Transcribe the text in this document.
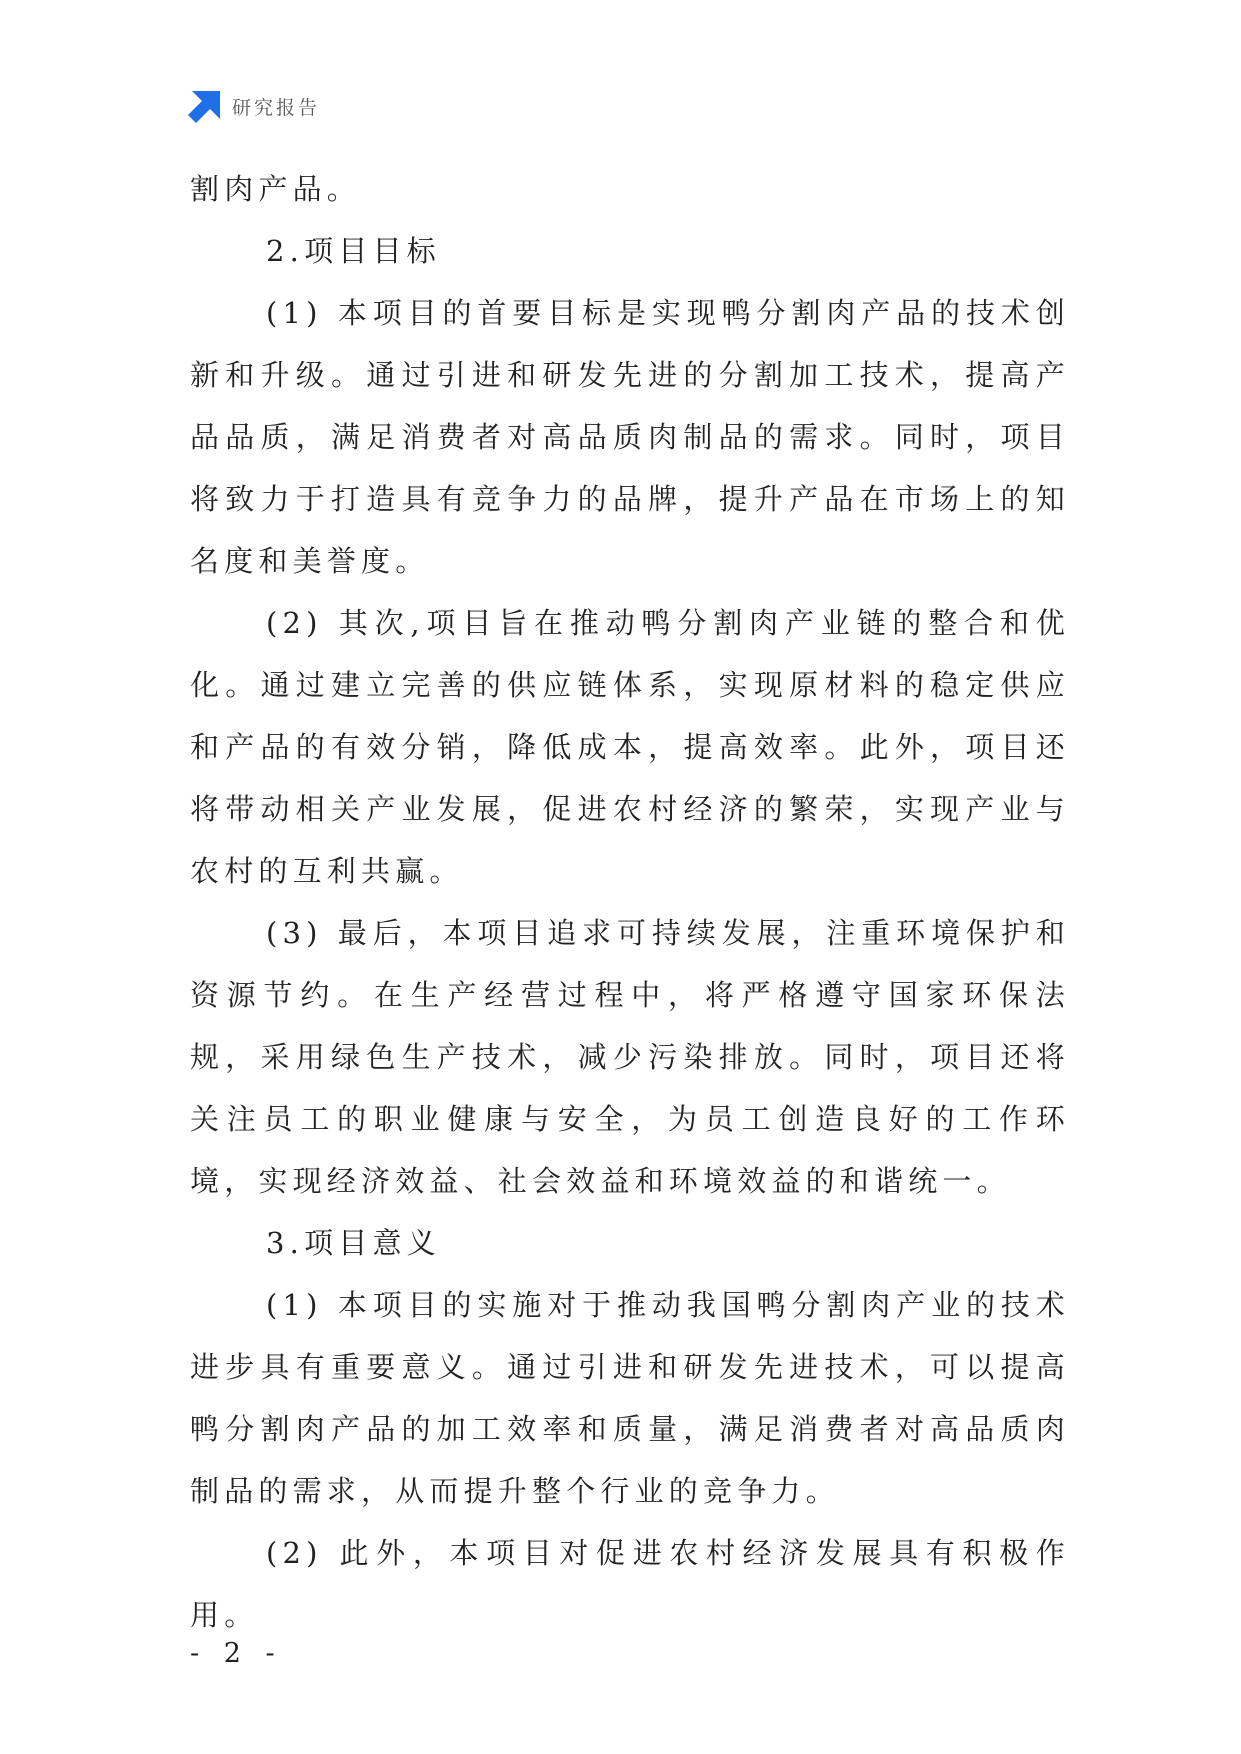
研究报告

割肉产品。

2.项目目标

(1) 本项目的首要目标是实现鸭分割肉产品的技术创新和升级。通过引进和研发先进的分割加工技术，提高产品品质，满足消费者对高品质肉制品的需求。同时，项目将致力于打造具有竞争力的品牌，提升产品在市场上的知名度和美誉度。

(2) 其次,项目旨在推动鸭分割肉产业链的整合和优化。通过建立完善的供应链体系，实现原材料的稳定供应和产品的有效分销，降低成本，提高效率。此外，项目还将带动相关产业发展，促进农村经济的繁荣，实现产业与农村的互利共赢。

(3) 最后，本项目追求可持续发展，注重环境保护和资源节约。在生产经营过程中，将严格遵守国家环保法规，采用绿色生产技术，减少污染排放。同时，项目还将关注员工的职业健康与安全，为员工创造良好的工作环境，实现经济效益、社会效益和环境效益的和谐统一。

3.项目意义

(1) 本项目的实施对于推动我国鸭分割肉产业的技术进步具有重要意义。通过引进和研发先进技术，可以提高鸭分割肉产品的加工效率和质量，满足消费者对高品质肉制品的需求，从而提升整个行业的竞争力。

(2) 此外，本项目对促进农村经济发展具有积极作用。

- 2 -
